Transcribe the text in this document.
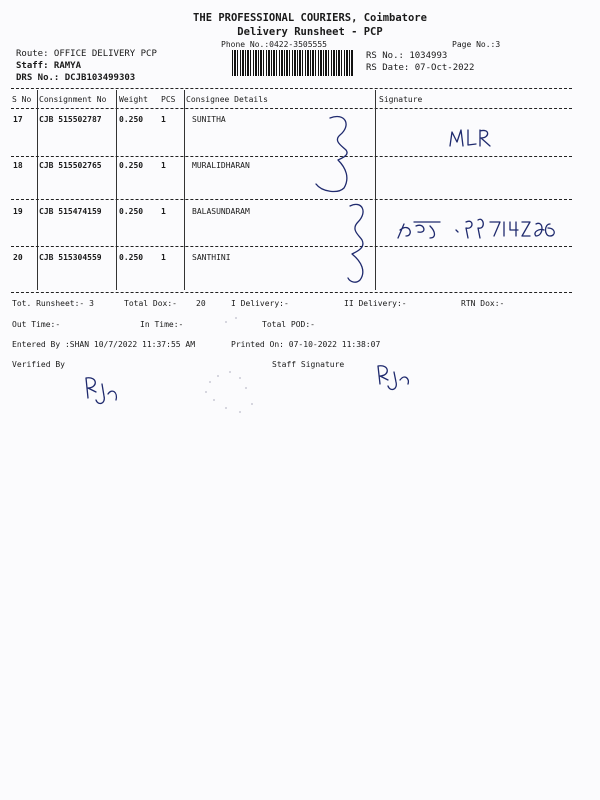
THE PROFESSIONAL COURIERS, Coimbatore
Delivery Runsheet - PCP
Phone No.:0422-3505555	Page No.:3
Route: OFFICE DELIVERY PCP
Staff: RAMYA
DRS No.: DCJB103499303
RS No.: 1034993
RS Date: 07-Oct-2022
S No Consignment No Weight PCS Consignee Details	Signature
17 CJB 515502787 0.250 1	SUNITHA
18 CJB 515502765 0.250 1	MURALIDHARAN
19 CJB 515474159 0.250 1	BALASUNDARAM
20 CJB 515304559 0.250 1	SANTHINI
Tot. Runsheet:- 3	Total Dox:- 20	I Delivery:-	II Delivery:-	RTN Dox:-
Out Time:-	In Time:-	Total POD:-
Entered By :SHAN 10/7/2022 11:37:55 AM	Printed On: 07-10-2022 11:38:07
Verified By	Staff Signature
